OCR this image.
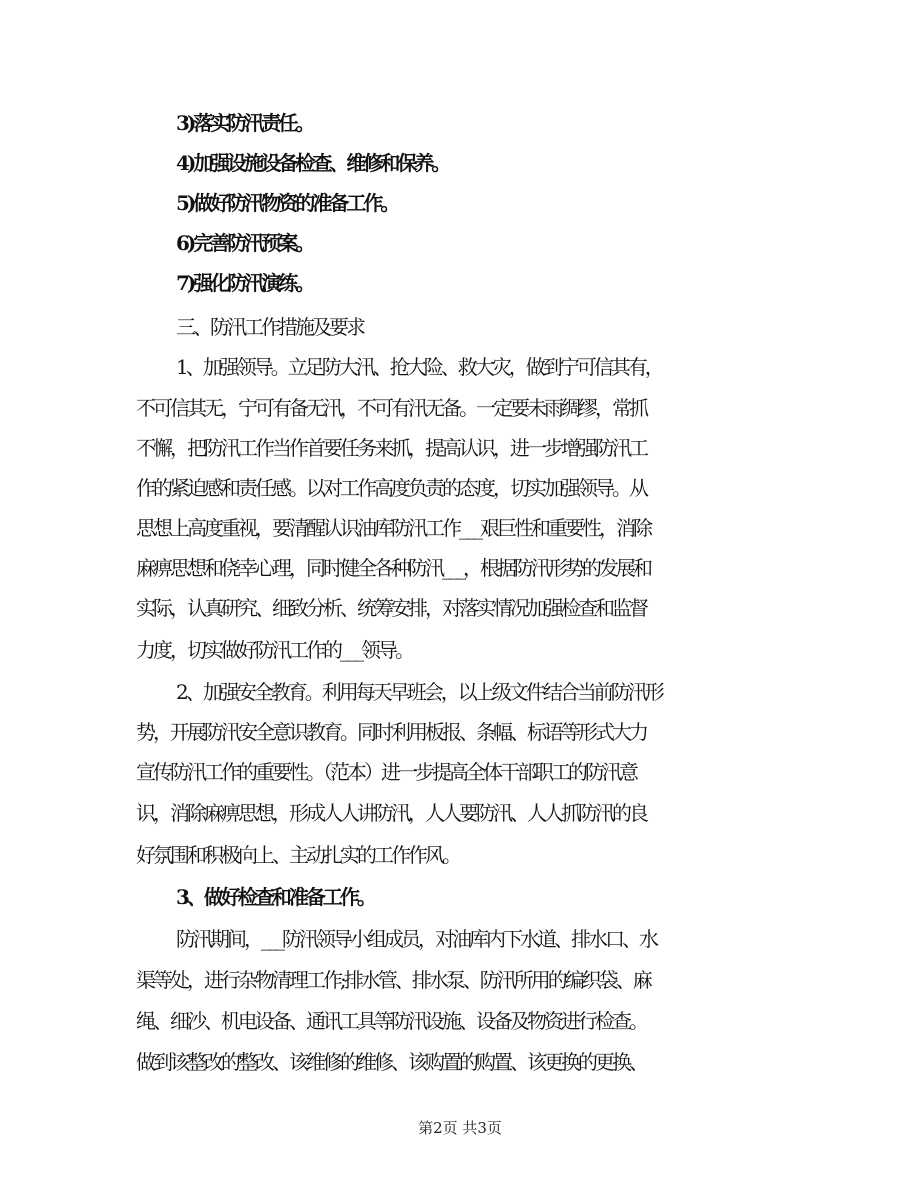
3)落实防汛责任。

4)加强设施设备检查、维修和保养。

5)做好防汛物资的准备工作。

6)完善防汛预案。

7)强化防汛演练。

三、防汛工作措施及要求

1、加强领导。立足防大汛、抢大险、救大灾，做到宁可信其有，

不可信其无，宁可有备无汛，不可有汛无备。一定要未雨绸缪，常抓

不懈，把防汛工作当作首要任务来抓，提高认识，进一步增强防汛工

作的紧迫感和责任感。以对工作高度负责的态度，切实加强领导。从

思想上高度重视，要清醒认识油库防汛工作___艰巨性和重要性，消除

麻痹思想和侥幸心理，同时健全各种防汛___，根据防汛形势的发展和

实际，认真研究、细致分析、统筹安排，对落实情况加强检查和监督

力度，切实做好防汛工作的___领导。

2、加强安全教育。利用每天早班会，以上级文件结合当前防汛形

势，开展防汛安全意识教育。同时利用板报、条幅、标语等形式大力

宣传防汛工作的重要性。（范本）进一步提高全体干部职工的防汛意

识，消除麻痹思想，形成人人讲防汛，人人要防汛、人人抓防汛的良

好氛围和积极向上、主动扎实的工作作风。

3、做好检查和准备工作。

防汛期间，___防汛领导小组成员，对油库内下水道、排水口、水

渠等处，进行杂物清理工作;排水管、排水泵、防汛所用的编织袋、麻

绳、细沙、机电设备、通讯工具等防汛设施、设备及物资进行检查。

做到该整改的整改、该维修的维修、该购置的购置、该更换的更换、

第2页 共3页
